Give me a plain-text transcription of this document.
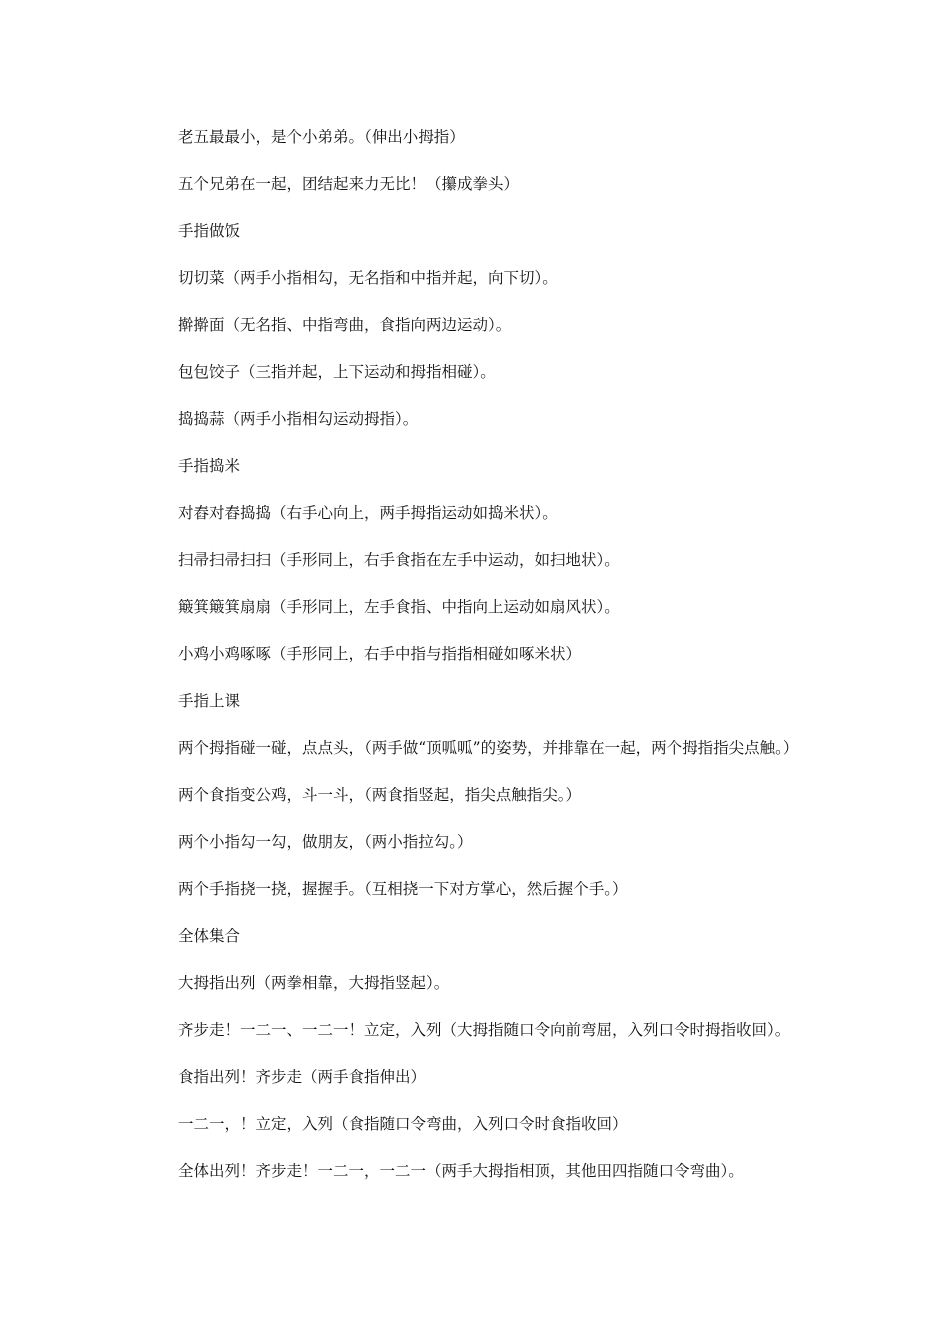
老五最最小，是个小弟弟。（伸出小拇指）

五个兄弟在一起，团结起来力无比！（攥成拳头）

手指做饭

切切菜（两手小指相勾，无名指和中指并起，向下切）。

擀擀面（无名指、中指弯曲，食指向两边运动）。

包包饺子（三指并起，上下运动和拇指相碰）。

捣捣蒜（两手小指相勾运动拇指）。

手指捣米

对舂对舂捣捣（右手心向上，两手拇指运动如捣米状）。

扫帚扫帚扫扫（手形同上，右手食指在左手中运动，如扫地状）。

簸箕簸箕扇扇（手形同上，左手食指、中指向上运动如扇风状）。

小鸡小鸡啄啄（手形同上，右手中指与指指相碰如啄米状）

手指上课

两个拇指碰一碰，点点头，（两手做“顶呱呱”的姿势，并排靠在一起，两个拇指指尖点触。）

两个食指变公鸡，斗一斗，（两食指竖起，指尖点触指尖。）

两个小指勾一勾，做朋友，（两小指拉勾。）

两个手指挠一挠，握握手。（互相挠一下对方掌心，然后握个手。）

全体集合

大拇指出列（两拳相靠，大拇指竖起）。

齐步走！一二一、一二一！立定，入列（大拇指随口令向前弯屈，入列口令时拇指收回）。

食指出列！齐步走（两手食指伸出）

一二一，！立定，入列（食指随口令弯曲，入列口令时食指收回）

全体出列！齐步走！一二一，一二一（两手大拇指相顶，其他田四指随口令弯曲）。
